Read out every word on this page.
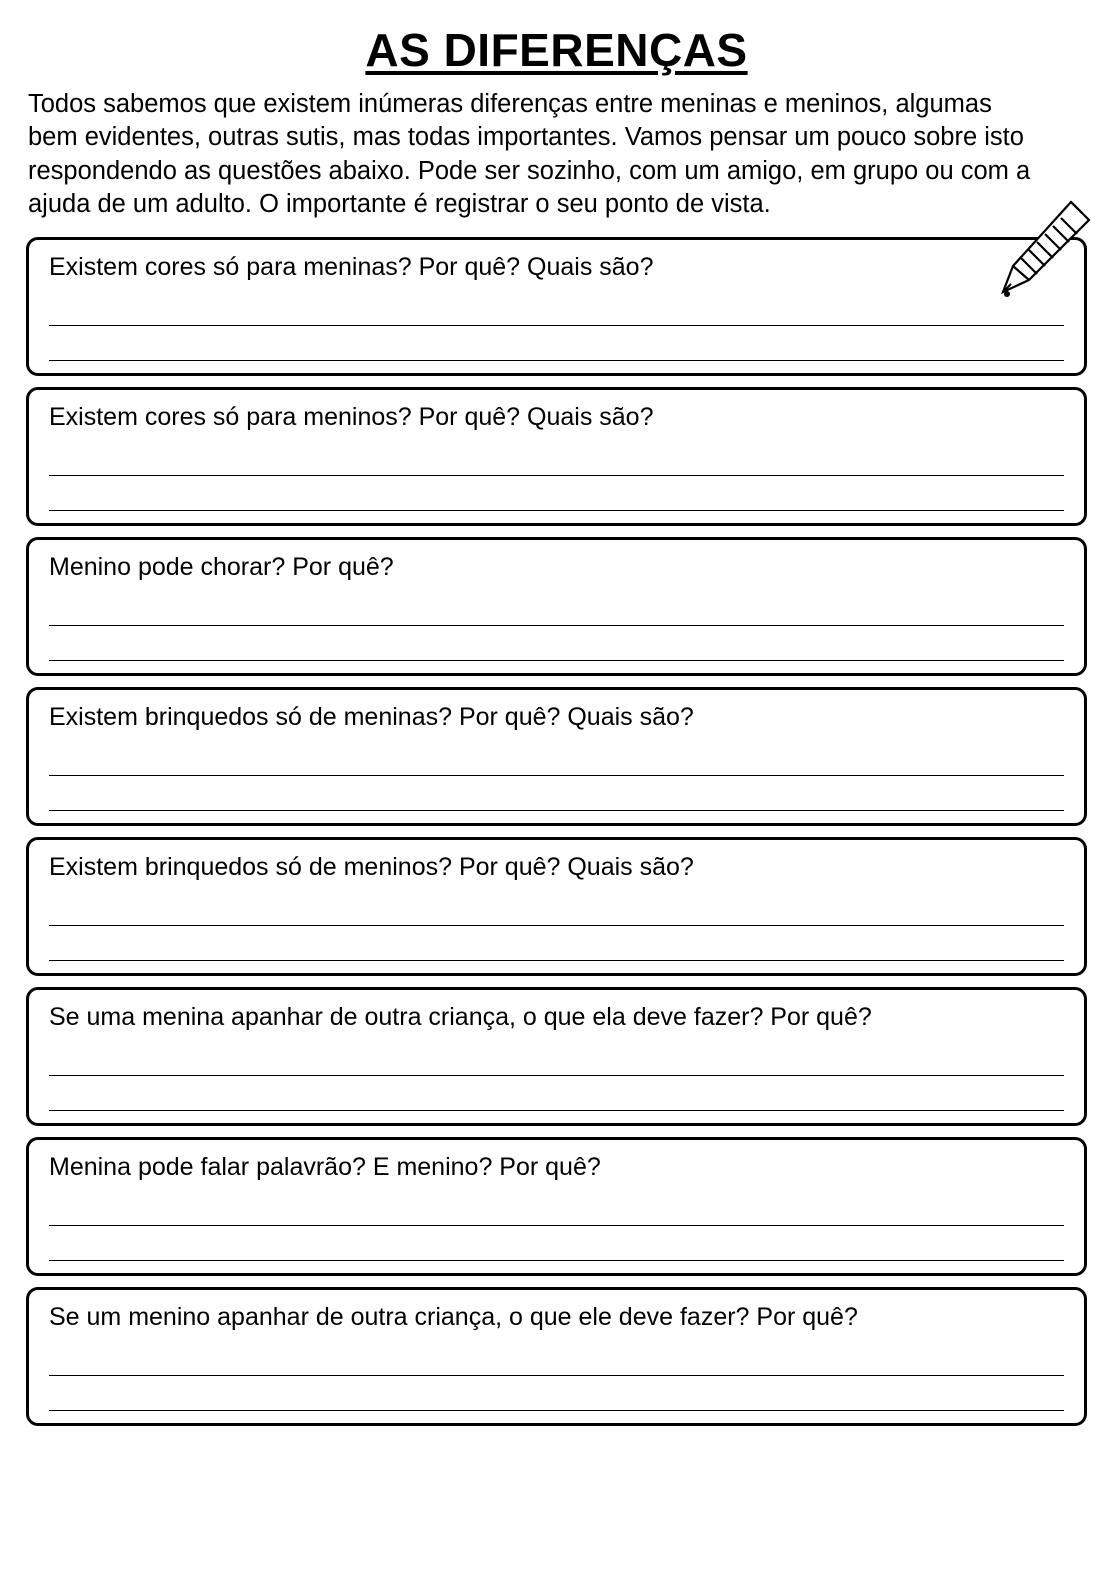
AS DIFERENÇAS

Todos sabemos que existem inúmeras diferenças entre meninas e meninos, algumas bem evidentes, outras sutis, mas todas importantes. Vamos pensar um pouco sobre isto respondendo as questões abaixo. Pode ser sozinho, com um amigo, em grupo ou com a ajuda de um adulto. O importante é registrar o seu ponto de vista.

Existem cores só para meninas? Por quê? Quais são?
Existem cores só para meninos? Por quê? Quais são?
Menino pode chorar? Por quê?
Existem brinquedos só de meninas? Por quê? Quais são?
Existem brinquedos só de meninos? Por quê? Quais são?
Se uma menina apanhar de outra criança, o que ela deve fazer? Por quê?
Menina pode falar palavrão? E menino? Por quê?
Se um menino apanhar de outra criança, o que ele deve fazer? Por quê?
